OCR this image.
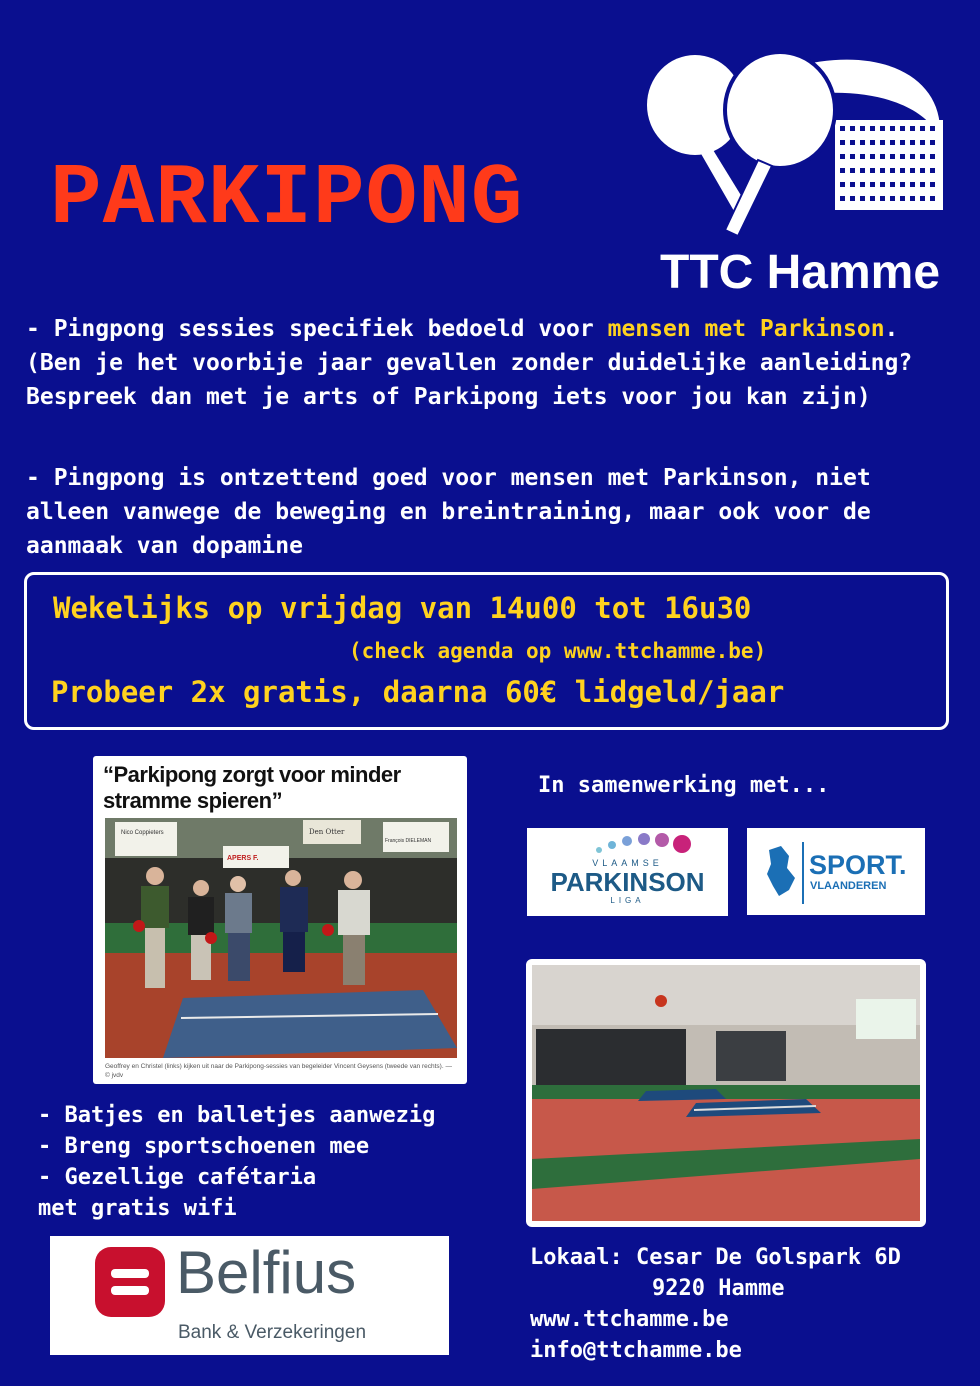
PARKIPONG
TTC Hamme
- Pingpong sessies specifiek bedoeld voor mensen met Parkinson. (Ben je het voorbije jaar gevallen zonder duidelijke aanleiding? Bespreek dan met je arts of Parkipong iets voor jou kan zijn)
- Pingpong is ontzettend goed voor mensen met Parkinson, niet alleen vanwege de beweging en breintraining, maar ook voor de aanmaak van dopamine
Wekelijks op vrijdag van 14u00 tot 16u30
(check agenda op www.ttchamme.be)
Probeer 2x gratis, daarna 60€ lidgeld/jaar
“Parkipong zorgt voor minder stramme spieren”
Nico Coppieters
APERS F.
Den Otter
François DIELEMAN
Geoffrey en Christel (links) kijken uit naar de Parkipong-sessies van begeleider Vincent Geysens (tweede van rechts). — © jvdv
In samenwerking met...
VLAAMSE
PARKINSON
LIGA
SPORT.
VLAANDEREN
- Batjes en balletjes aanwezig
- Breng sportschoenen mee
- Gezellige cafétaria
met gratis wifi
Lokaal: Cesar De Golspark 6D
9220 Hamme
www.ttchamme.be
info@ttchamme.be
Belfius
Bank & Verzekeringen
